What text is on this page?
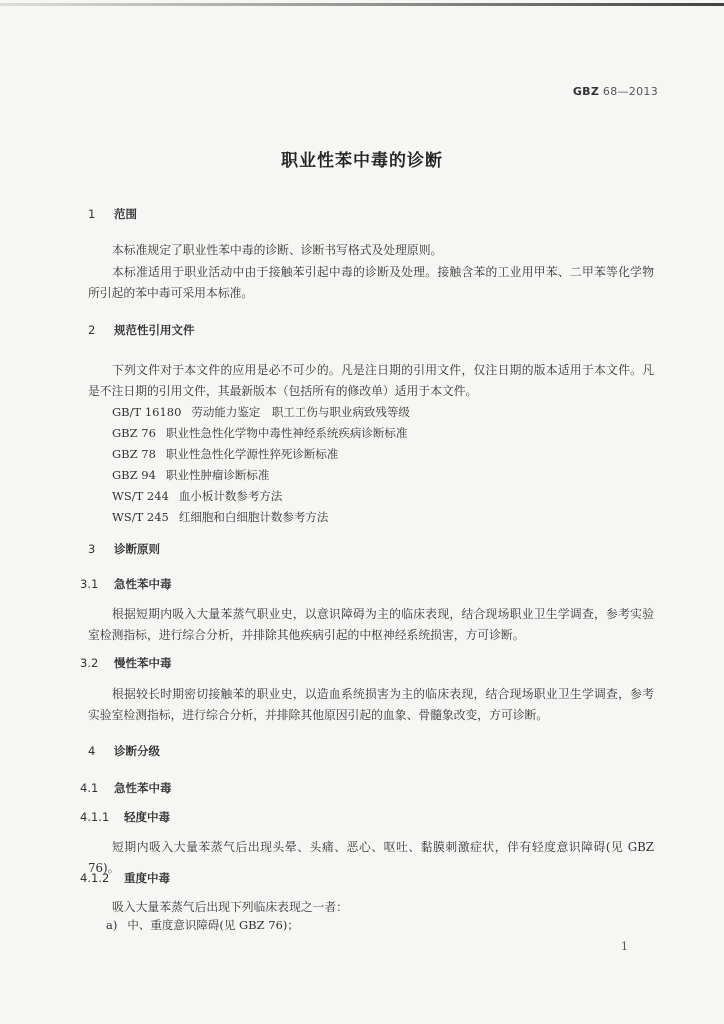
GBZ 68—2013
职业性苯中毒的诊断
1 范围
本标准规定了职业性苯中毒的诊断、诊断书写格式及处理原则。
本标准适用于职业活动中由于接触苯引起中毒的诊断及处理。接触含苯的工业用甲苯、二甲苯等化学物所引起的苯中毒可采用本标准。
2 规范性引用文件
下列文件对于本文件的应用是必不可少的。凡是注日期的引用文件，仅注日期的版本适用于本文件。凡是不注日期的引用文件，其最新版本（包括所有的修改单）适用于本文件。
GB/T 16180 劳动能力鉴定　职工工伤与职业病致残等级
GBZ 76 职业性急性化学物中毒性神经系统疾病诊断标准
GBZ 78 职业性急性化学源性猝死诊断标准
GBZ 94 职业性肿瘤诊断标准
WS/T 244 血小板计数参考方法
WS/T 245 红细胞和白细胞计数参考方法
3 诊断原则
3.1 急性苯中毒
根据短期内吸入大量苯蒸气职业史，以意识障碍为主的临床表现，结合现场职业卫生学调查，参考实验室检测指标，进行综合分析，并排除其他疾病引起的中枢神经系统损害，方可诊断。
3.2 慢性苯中毒
根据较长时期密切接触苯的职业史，以造血系统损害为主的临床表现，结合现场职业卫生学调查，参考实验室检测指标，进行综合分析，并排除其他原因引起的血象、骨髓象改变，方可诊断。
4 诊断分级
4.1 急性苯中毒
4.1.1 轻度中毒
短期内吸入大量苯蒸气后出现头晕、头痛、恶心、呕吐、黏膜刺激症状，伴有轻度意识障碍(见 GBZ 76)。
4.1.2 重度中毒
吸入大量苯蒸气后出现下列临床表现之一者：
a) 中、重度意识障碍(见 GBZ 76)；
1
